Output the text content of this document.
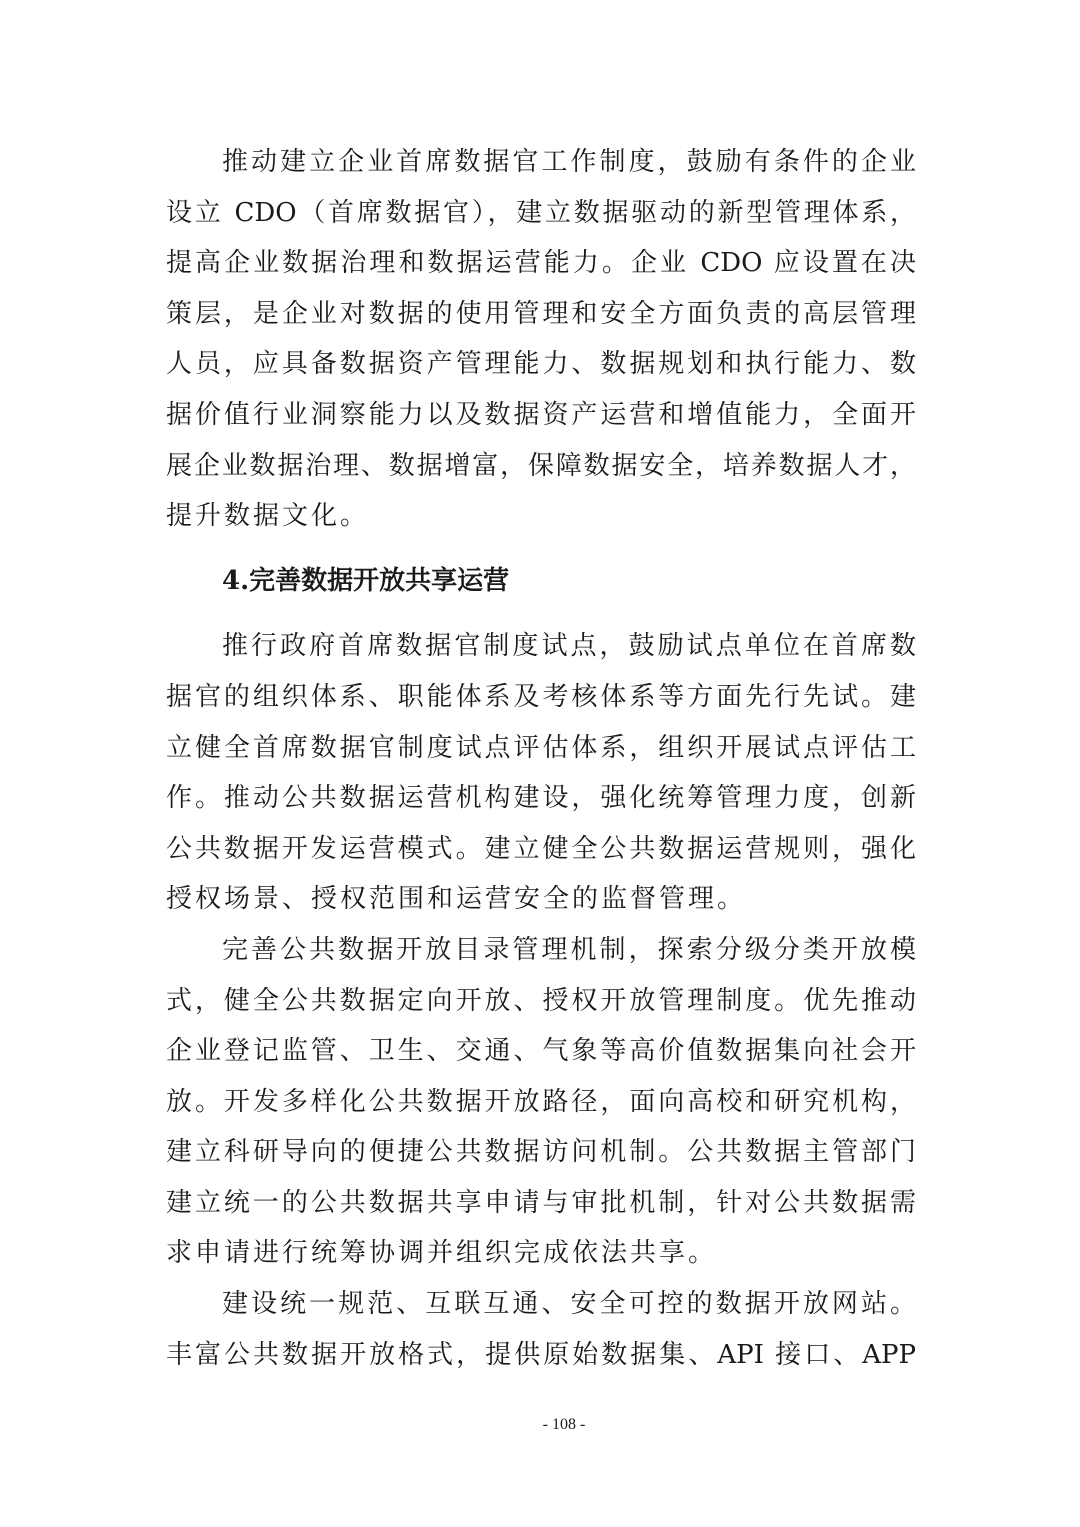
推动建立企业首席数据官工作制度，鼓励有条件的企业
设立 CDO（首席数据官），建立数据驱动的新型管理体系，
提高企业数据治理和数据运营能力。企业 CDO 应设置在决
策层，是企业对数据的使用管理和安全方面负责的高层管理
人员，应具备数据资产管理能力、数据规划和执行能力、数
据价值行业洞察能力以及数据资产运营和增值能力，全面开
展企业数据治理、数据增富，保障数据安全，培养数据人才，
提升数据文化。
4.完善数据开放共享运营
推行政府首席数据官制度试点，鼓励试点单位在首席数
据官的组织体系、职能体系及考核体系等方面先行先试。建
立健全首席数据官制度试点评估体系，组织开展试点评估工
作。推动公共数据运营机构建设，强化统筹管理力度，创新
公共数据开发运营模式。建立健全公共数据运营规则，强化
授权场景、授权范围和运营安全的监督管理。
完善公共数据开放目录管理机制，探索分级分类开放模
式，健全公共数据定向开放、授权开放管理制度。优先推动
企业登记监管、卫生、交通、气象等高价值数据集向社会开
放。开发多样化公共数据开放路径，面向高校和研究机构，
建立科研导向的便捷公共数据访问机制。公共数据主管部门
建立统一的公共数据共享申请与审批机制，针对公共数据需
求申请进行统筹协调并组织完成依法共享。
建设统一规范、互联互通、安全可控的数据开放网站。
丰富公共数据开放格式，提供原始数据集、API 接口、APP
- 108 -
